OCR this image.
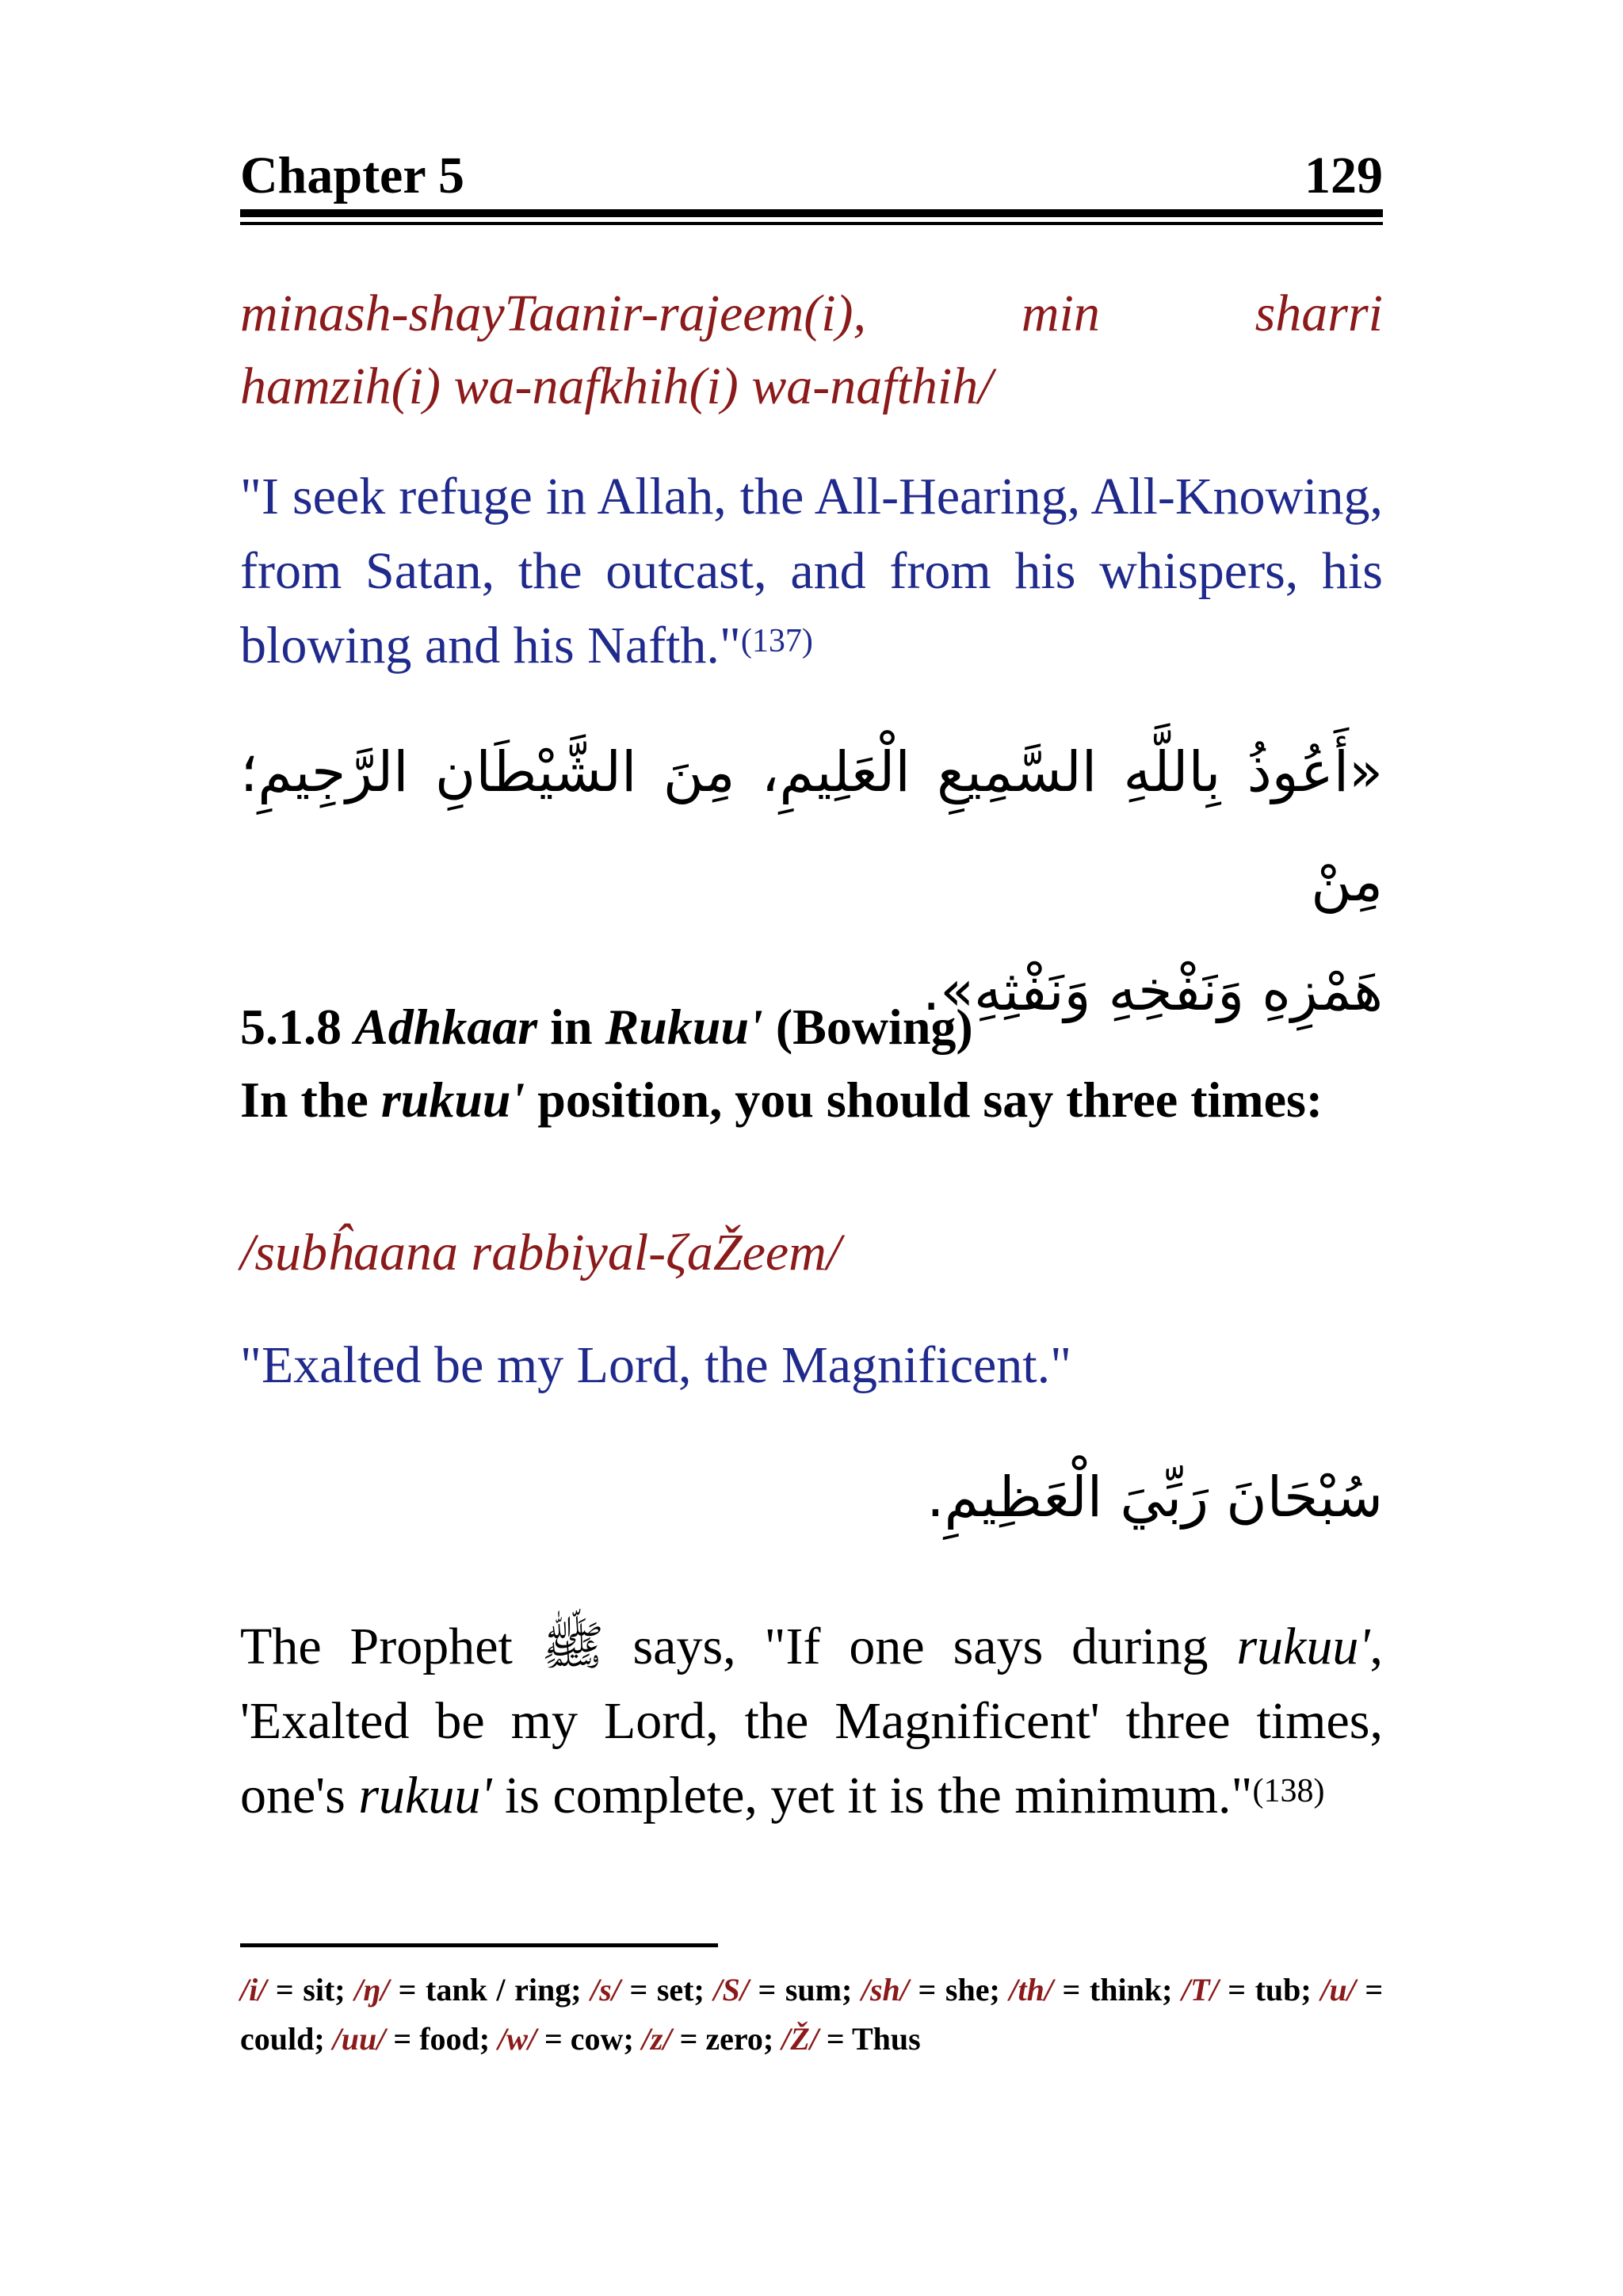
Chapter 5	129

minash-shayTaanir-rajeem(i), min sharri

hamzih(i) wa-nafkhih(i) wa-nafthih/

"I seek refuge in Allah, the All-Hearing, All-Knowing, from Satan, the outcast, and from his whispers, his blowing and his Nafth."$^{(137)}$

«أَعُوذُ بِاللَّهِ السَّمِيعِ الْعَلِيمِ، مِنَ الشَّيْطَانِ الرَّجِيمِ؛ مِنْ

هَمْزِهِ وَنَفْخِهِ وَنَفْثِهِ».

5.1.8 Adhkaar in Rukuu' (Bowing)

In the rukuu' position, you should say three times:

/subĥaana rabbiyal-ζaŽeem/

"Exalted be my Lord, the Magnificent."

سُبْحَانَ رَبِّيَ الْعَظِيمِ.

The Prophet ﷺ says, "If one says during rukuu', 'Exalted be my Lord, the Magnificent' three times, one's rukuu' is complete, yet it is the minimum."$^{(138)}$

/i/ = sit; /ŋ/ = tank / ring; /s/ = set; /S/ = sum; /sh/ = she; /th/ = think; /T/ = tub; /u/ = could; /uu/ = food; /w/ = cow; /z/ = zero; /Ž/ = Thus
